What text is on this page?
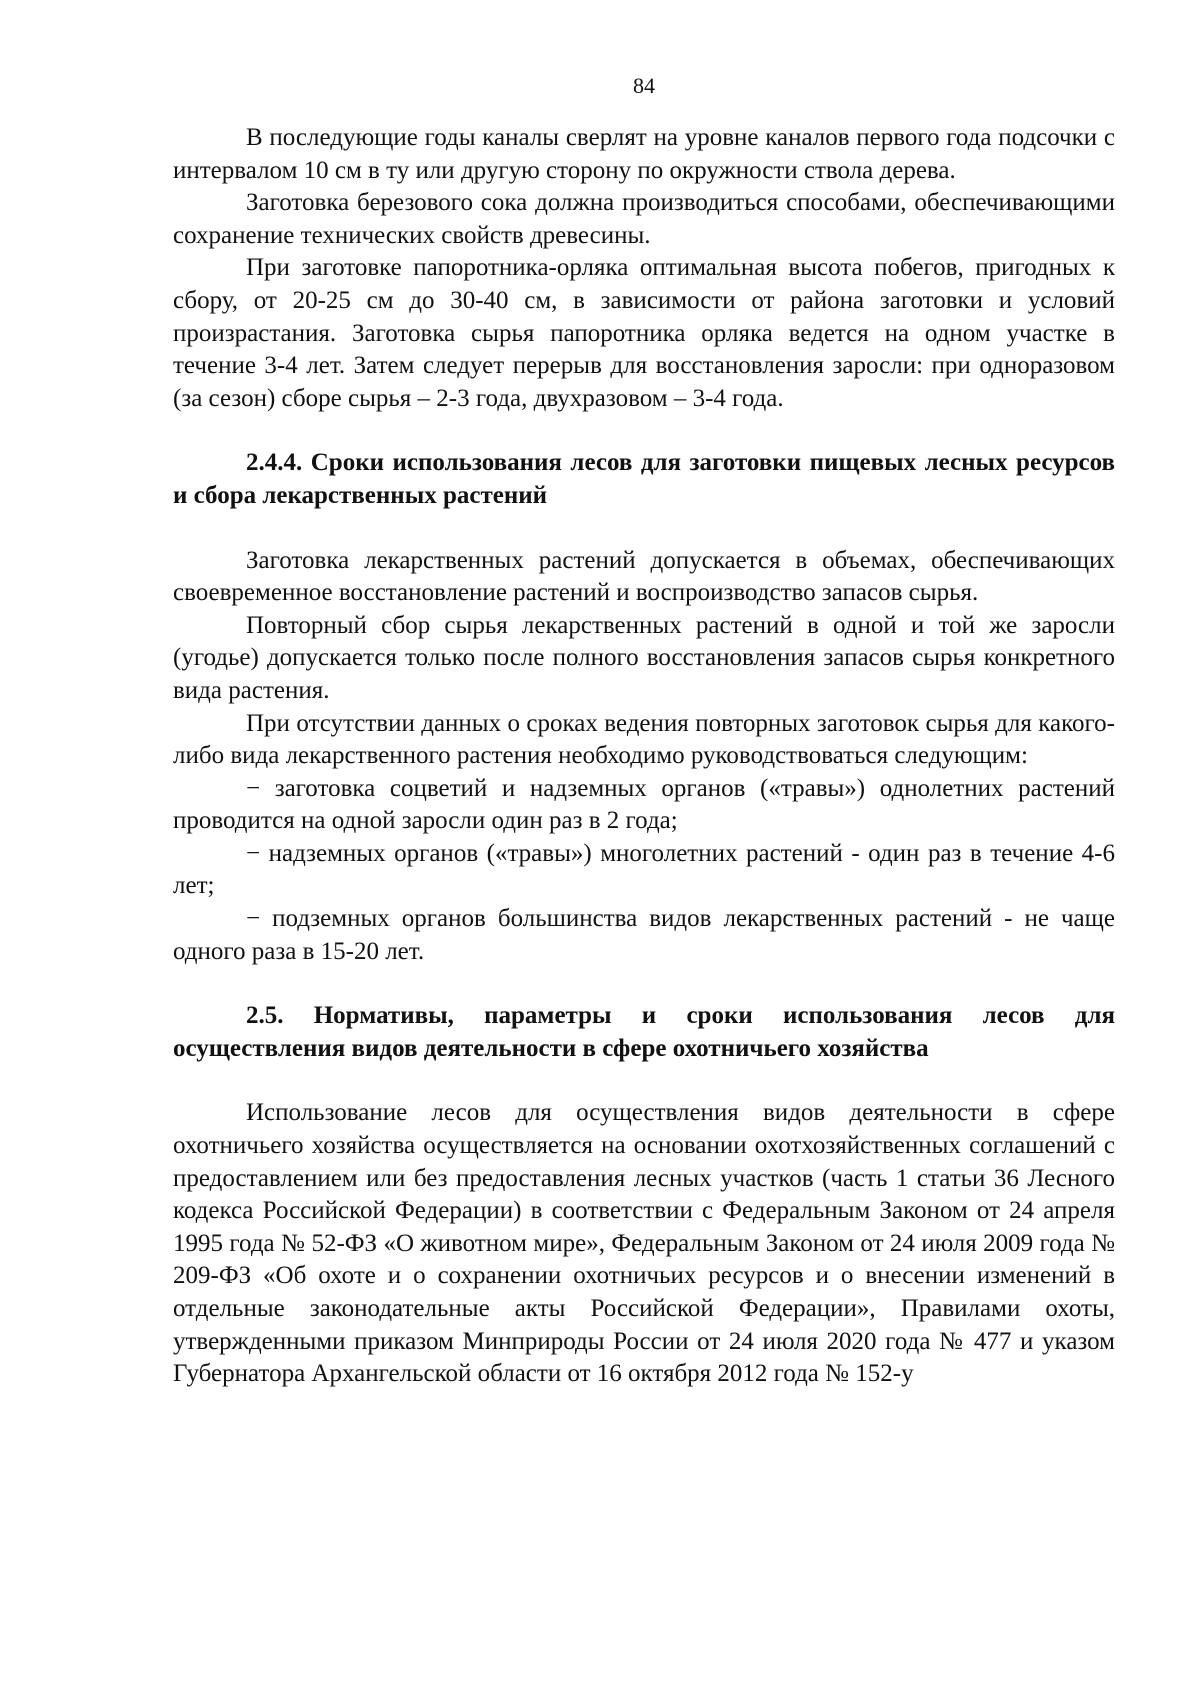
84

В последующие годы каналы сверлят на уровне каналов первого года подсочки с интервалом 10 см в ту или другую сторону по окружности ствола дерева.

Заготовка березового сока должна производиться способами, обеспечивающими сохранение технических свойств древесины.

При заготовке папоротника-орляка оптимальная высота побегов, пригодных к сбору, от 20-25 см до 30-40 см, в зависимости от района заготовки и условий произрастания. Заготовка сырья папоротника орляка ведется на одном участке в течение 3-4 лет. Затем следует перерыв для восстановления заросли: при одноразовом (за сезон) сборе сырья – 2-3 года, двухразовом – 3-4 года.

2.4.4. Сроки использования лесов для заготовки пищевых лесных ресурсов и сбора лекарственных растений

Заготовка лекарственных растений допускается в объемах, обеспечивающих своевременное восстановление растений и воспроизводство запасов сырья.

Повторный сбор сырья лекарственных растений в одной и той же заросли (угодье) допускается только после полного восстановления запасов сырья конкретного вида растения.

При отсутствии данных о сроках ведения повторных заготовок сырья для какого-либо вида лекарственного растения необходимо руководствоваться следующим:

− заготовка соцветий и надземных органов («травы») однолетних растений проводится на одной заросли один раз в 2 года;

− надземных органов («травы») многолетних растений - один раз в течение 4-6 лет;

− подземных органов большинства видов лекарственных растений - не чаще одного раза в 15-20 лет.

2.5. Нормативы, параметры и сроки использования лесов для осуществления видов деятельности в сфере охотничьего хозяйства

Использование лесов для осуществления видов деятельности в сфере охотничьего хозяйства осуществляется на основании охотхозяйственных соглашений с предоставлением или без предоставления лесных участков (часть 1 статьи 36 Лесного кодекса Российской Федерации) в соответствии с Федеральным Законом от 24 апреля 1995 года № 52-ФЗ «О животном мире», Федеральным Законом от 24 июля 2009 года № 209-ФЗ «Об охоте и о сохранении охотничьих ресурсов и о внесении изменений в отдельные законодательные акты Российской Федерации», Правилами охоты, утвержденными приказом Минприроды России от 24 июля 2020 года № 477 и указом Губернатора Архангельской области от 16 октября 2012 года № 152-у
